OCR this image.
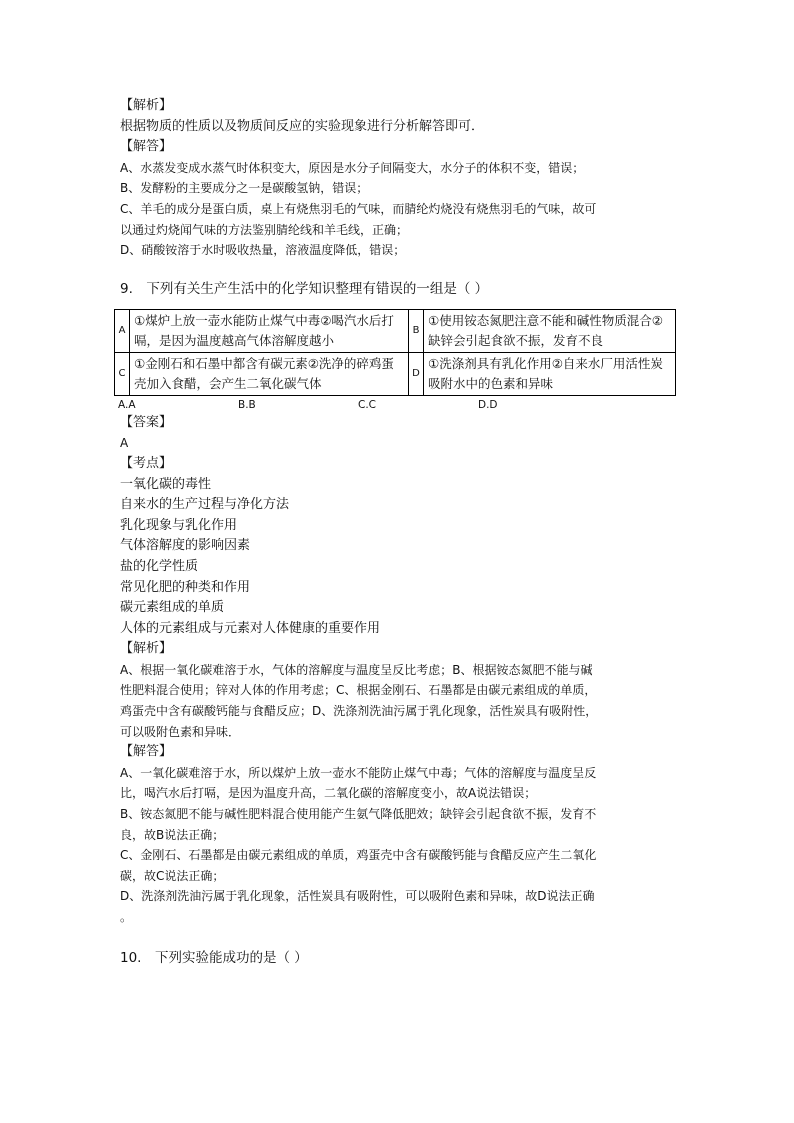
【解析】
根据物质的性质以及物质间反应的实验现象进行分析解答即可．
【解答】
A、水蒸发变成水蒸气时体积变大，原因是水分子间隔变大，水分子的体积不变，错误；
B、发酵粉的主要成分之一是碳酸氢钠，错误；
C、羊毛的成分是蛋白质，桌上有烧焦羽毛的气味，而腈纶灼烧没有烧焦羽毛的气味，故可
以通过灼烧闻气味的方法鉴别腈纶线和羊毛线，正确；
D、硝酸铵溶于水时吸收热量，溶液温度降低，错误；
9.　下列有关生产生活中的化学知识整理有错误的一组是（ ）
A	①煤炉上放一壶水能防止煤气中毒②喝汽水后打嗝，是因为温度越高气体溶解度越小	B	①使用铵态氮肥注意不能和碱性物质混合②缺锌会引起食欲不振，发育不良
C	①金刚石和石墨中都含有碳元素②洗净的碎鸡蛋壳加入食醋，会产生二氧化碳气体	D	①洗涤剂具有乳化作用②自来水厂用活性炭吸附水中的色素和异味
A.A	B.B	C.C	D.D
【答案】
A
【考点】
一氧化碳的毒性
自来水的生产过程与净化方法
乳化现象与乳化作用
气体溶解度的影响因素
盐的化学性质
常见化肥的种类和作用
碳元素组成的单质
人体的元素组成与元素对人体健康的重要作用
【解析】
A、根据一氧化碳难溶于水，气体的溶解度与温度呈反比考虑；B、根据铵态氮肥不能与碱
性肥料混合使用；锌对人体的作用考虑；C、根据金刚石、石墨都是由碳元素组成的单质，
鸡蛋壳中含有碳酸钙能与食醋反应；D、洗涤剂洗油污属于乳化现象，活性炭具有吸附性，
可以吸附色素和异味．
【解答】
A、一氧化碳难溶于水，所以煤炉上放一壶水不能防止煤气中毒；气体的溶解度与温度呈反
比，喝汽水后打嗝，是因为温度升高，二氧化碳的溶解度变小，故A说法错误；
B、铵态氮肥不能与碱性肥料混合使用能产生氨气降低肥效；缺锌会引起食欲不振，发育不
良，故B说法正确；
C、金刚石、石墨都是由碳元素组成的单质，鸡蛋壳中含有碳酸钙能与食醋反应产生二氧化
碳，故C说法正确；
D、洗涤剂洗油污属于乳化现象，活性炭具有吸附性，可以吸附色素和异味，故D说法正确
。
10.　下列实验能成功的是（ ）
